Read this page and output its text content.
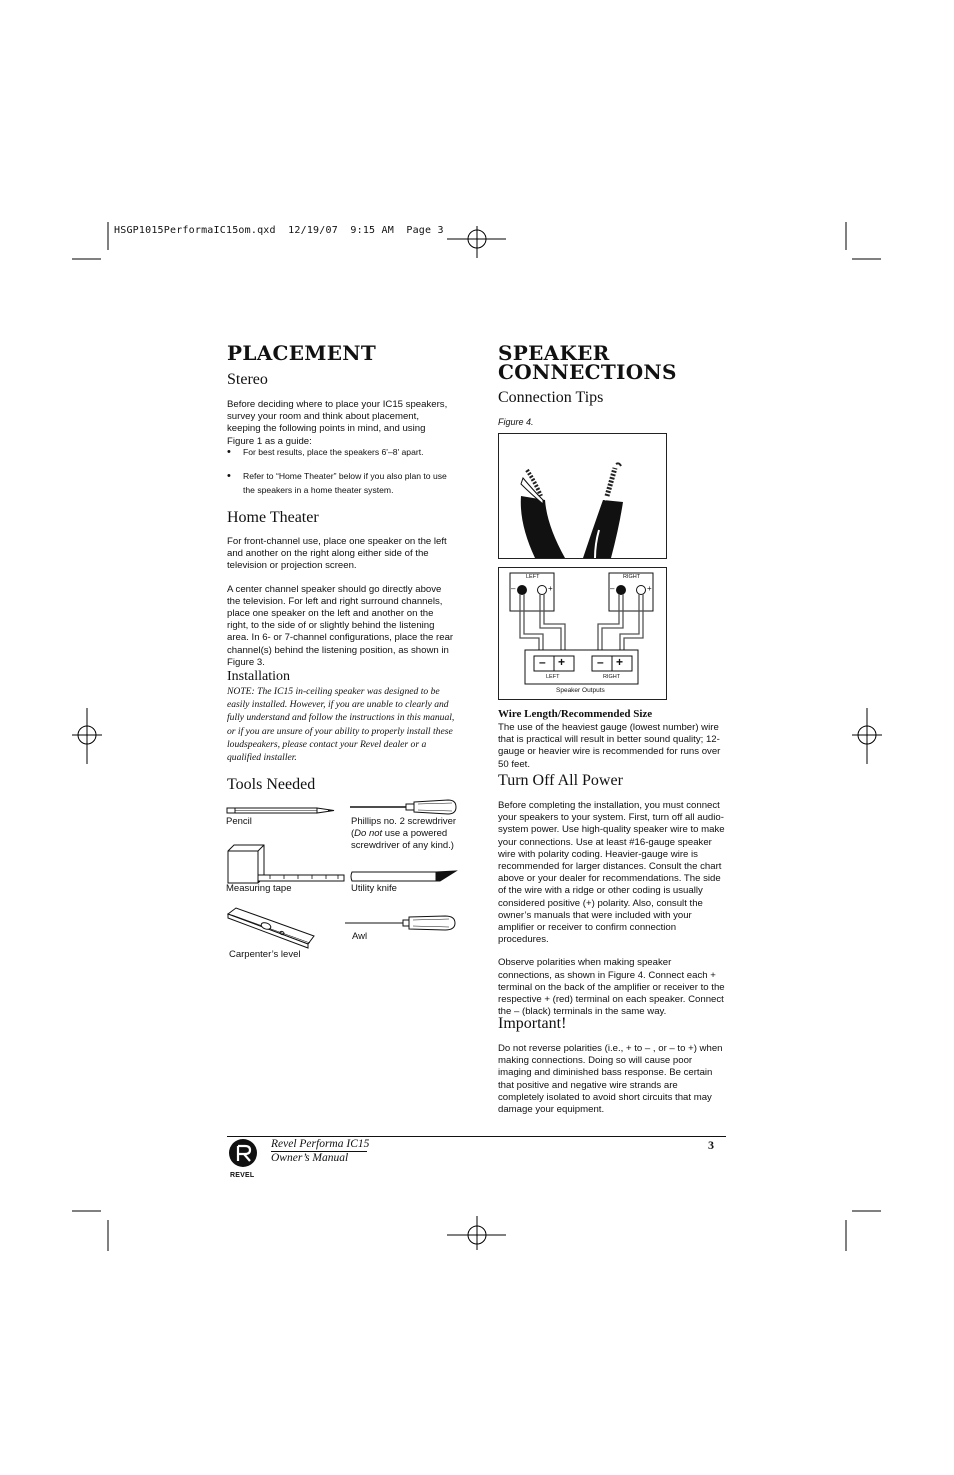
HSGP1015PerformaIC15om.qxd  12/19/07  9:15 AM  Page 3
PLACEMENT
Stereo
Before deciding where to place your IC15 speakers, survey your room and think about placement, keeping the following points in mind, and using Figure 1 as a guide:
•	For best results, place the speakers 6'–8' apart.
•	Refer to “Home Theater” below if you also plan to use the speakers in a home theater system.
Home Theater

For front-channel use, place one speaker on the left and another on the right along either side of the television or projection screen.

A center channel speaker should go directly above the television. For left and right surround channels, place one speaker on the left and another on the right, to the side of or slightly behind the listening area. In 6- or 7-channel configurations, place the rear channel(s) behind the listening position, as shown in Figure 3.

Installation
NOTE: The IC15 in-ceiling speaker was designed to be easily installed. However, if you are unable to clearly and fully understand and follow the instructions in this manual, or if you are unsure of your ability to properly install these loudspeakers, please contact your Revel dealer or a qualified installer.
Tools Needed
Pencil	Phillips no. 2 screwdriver
(Do not use a powered
screwdriver of any kind.)
Measuring tape	Utility knife
Carpenter’s level
Awl
SPEAKER
CONNECTIONS
Connection Tips
Figure 4.
LEFT	RIGHT
–	+	–	+
– +	– +
LEFT	RIGHT
Speaker Outputs
Wire Length/Recommended Size
The use of the heaviest gauge (lowest number) wire that is practical will result in better sound quality; 12-gauge or heavier wire is recommended for runs over 50 feet.
Turn Off All Power

Before completing the installation, you must connect your speakers to your system. First, turn off all audio-system power. Use high-quality speaker wire to make your connections. Use at least #16-gauge speaker wire with polarity coding. Heavier-gauge wire is recommended for larger distances. Consult the chart above or your dealer for recommendations. The side of the wire with a ridge or other coding is usually considered positive (+) polarity. Also, consult the owner’s manuals that were included with your amplifier or receiver to confirm connection procedures.

Observe polarities when making speaker connections, as shown in Figure 4. Connect each + terminal on the back of the amplifier or receiver to the respective + (red) terminal on each speaker. Connect the – (black) terminals in the same way.

Important!
Do not reverse polarities (i.e., + to – , or – to +) when making connections. Doing so will cause poor imaging and diminished bass response. Be certain that positive and negative wire strands are completely isolated to avoid short circuits that may damage your equipment.
REVEL
Revel Performa IC15
Owner’s Manual
3
